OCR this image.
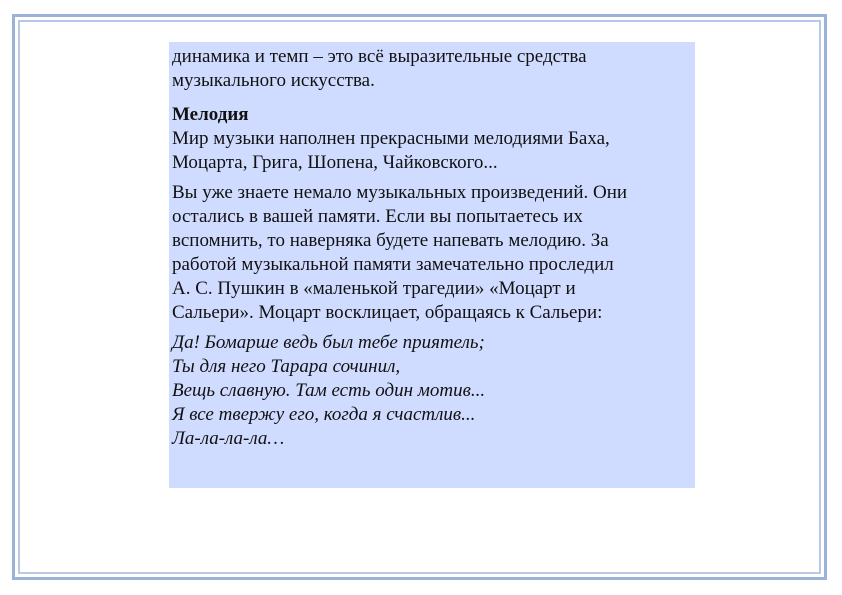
динамика и темп – это всё выразительные средства
музыкального искусства.

Мелодия

Мир музыки наполнен прекрасными мелодиями Баха,
Моцарта, Грига, Шопена, Чайковского...

Вы уже знаете немало музыкальных произведений. Они
остались в вашей памяти. Если вы попытаетесь их
вспомнить, то наверняка будете напевать мелодию. За
работой музыкальной памяти замечательно проследил
А. С. Пушкин в «маленькой трагедии» «Моцарт и
Сальери». Моцарт восклицает, обращаясь к Сальери:

Да! Бомарше ведь был тебе приятель;
Ты для него Тарара сочинил,
Вещь славную. Там есть один мотив...
Я все твержу его, когда я счастлив...
Ла-ла-ла-ла…
